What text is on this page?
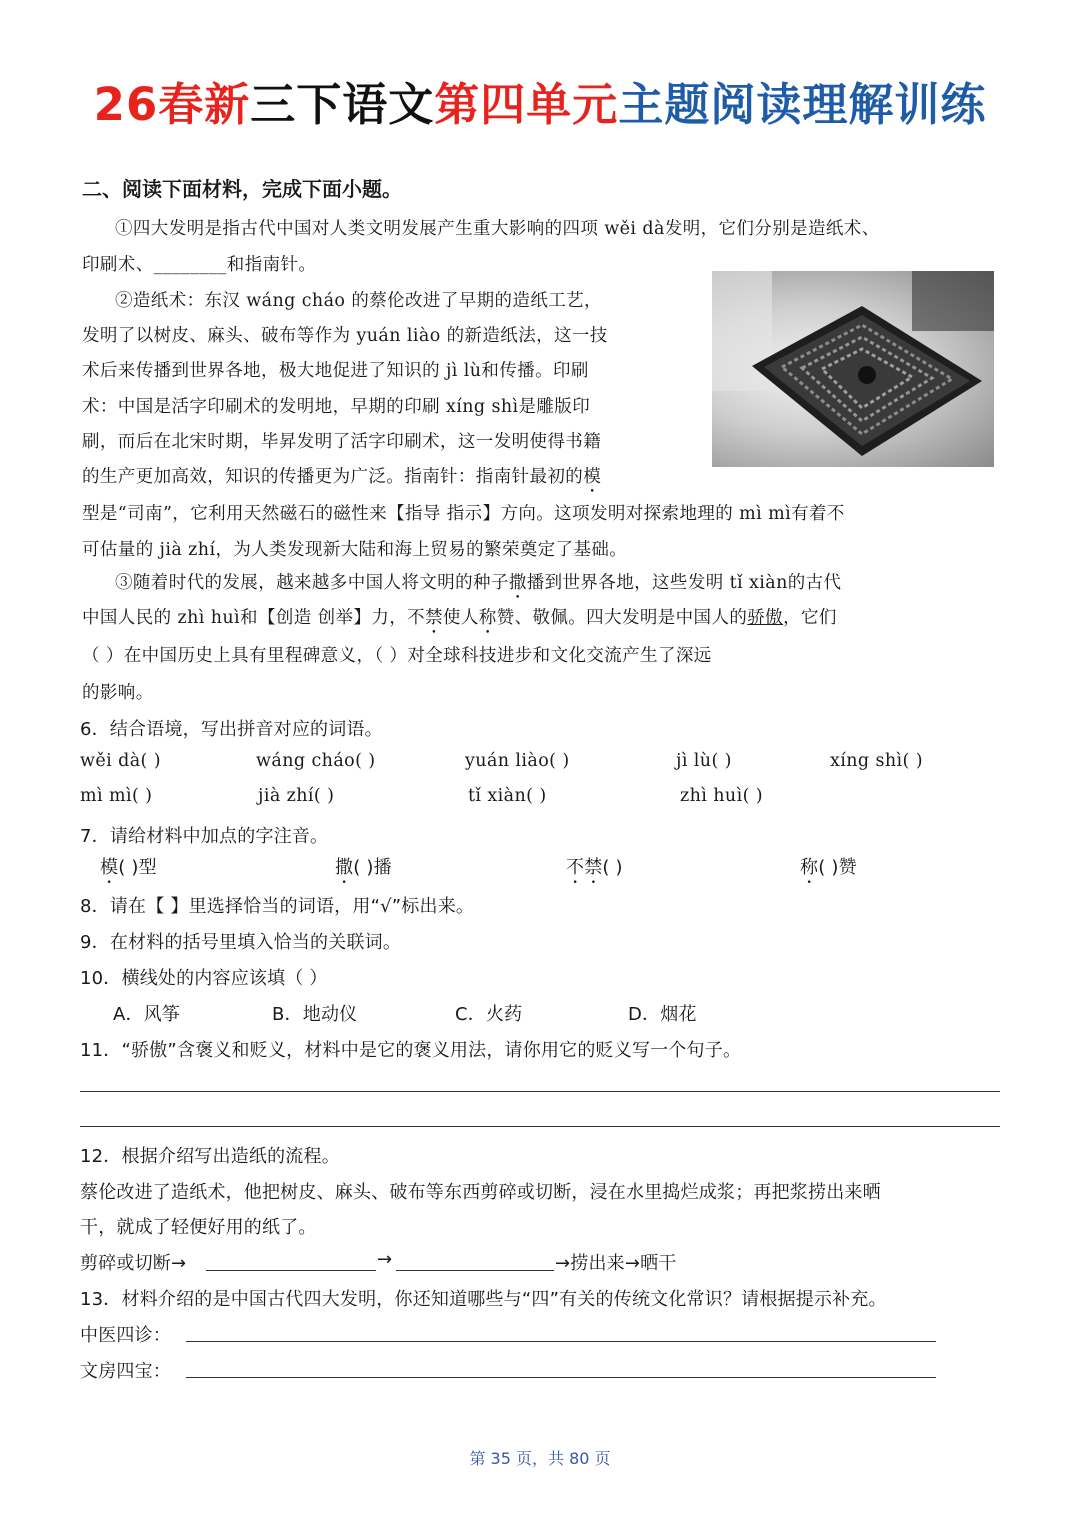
26春新三下语文第四单元主题阅读理解训练
二、阅读下面材料，完成下面小题。
①四大发明是指古代中国对人类文明发展产生重大影响的四项 wěi dà发明，它们分别是造纸术、
印刷术、________和指南针。
②造纸术：东汉 wáng cháo 的蔡伦改进了早期的造纸工艺，
发明了以树皮、麻头、破布等作为 yuán liào 的新造纸法，这一技
术后来传播到世界各地，极大地促进了知识的 jì lù和传播。印刷
术：中国是活字印刷术的发明地，早期的印刷 xíng shì是雕版印
刷，而后在北宋时期，毕昇发明了活字印刷术，这一发明使得书籍
的生产更加高效，知识的传播更为广泛。指南针：指南针最初的模
型是“司南”，它利用天然磁石的磁性来【指导 指示】方向。这项发明对探索地理的 mì mì有着不
可估量的 jià zhí，为人类发现新大陆和海上贸易的繁荣奠定了基础。
③随着时代的发展，越来越多中国人将文明的种子撒播到世界各地，这些发明 tǐ xiàn的古代
中国人民的 zhì huì和【创造 创举】力，不禁使人称赞、敬佩。四大发明是中国人的骄傲，它们
（ ）在中国历史上具有里程碑意义，（ ）对全球科技进步和文化交流产生了深远
的影响。
6．结合语境，写出拼音对应的词语。
wěi dà( )	wáng cháo( )	yuán liào( )	jì lù( )	xíng shì( )
mì mì( )	jià zhí( )	tǐ xiàn( )	zhì huì( )
7．请给材料中加点的字注音。
模( )型	撒( )播	不禁( )	称( )赞
8．请在【 】里选择恰当的词语，用“√”标出来。
9．在材料的括号里填入恰当的关联词。
10．横线处的内容应该填（ ）
A．风筝	B．地动仪	C．火药	D．烟花
11．“骄傲”含褒义和贬义，材料中是它的褒义用法，请你用它的贬义写一个句子。
12．根据介绍写出造纸的流程。
蔡伦改进了造纸术，他把树皮、麻头、破布等东西剪碎或切断，浸在水里捣烂成浆；再把浆捞出来晒
干，就成了轻便好用的纸了。
剪碎或切断→	→	→捞出来→晒干
13．材料介绍的是中国古代四大发明，你还知道哪些与“四”有关的传统文化常识？请根据提示补充。
中医四诊：
文房四宝：
第 35 页，共 80 页
